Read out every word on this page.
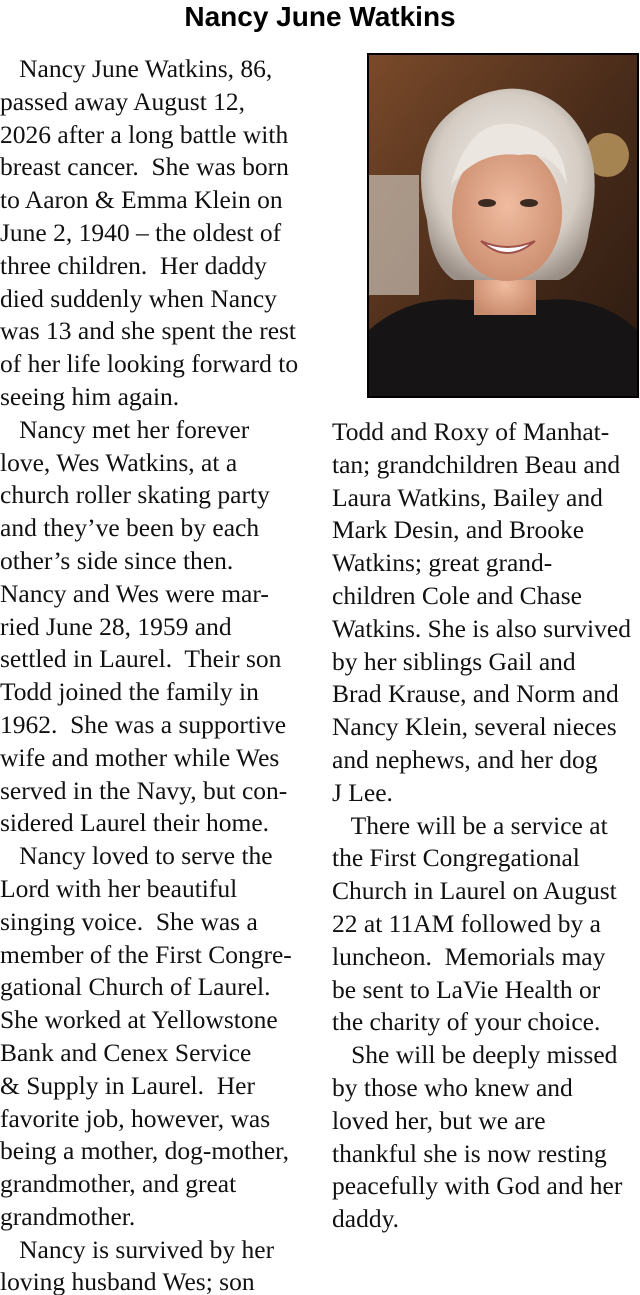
Nancy June Watkins
Nancy June Watkins, 86,
passed away August 12,
2026 after a long battle with
breast cancer.  She was born
to Aaron & Emma Klein on
June 2, 1940 – the oldest of
three children.  Her daddy
died suddenly when Nancy
was 13 and she spent the rest
of her life looking forward to
seeing him again.
Nancy met her forever
love, Wes Watkins, at a
church roller skating party
and they’ve been by each
other’s side since then.
Nancy and Wes were mar-
ried June 28, 1959 and
settled in Laurel.  Their son
Todd joined the family in
1962.  She was a supportive
wife and mother while Wes
served in the Navy, but con-
sidered Laurel their home.
Nancy loved to serve the
Lord with her beautiful
singing voice.  She was a
member of the First Congre-
gational Church of Laurel.
She worked at Yellowstone
Bank and Cenex Service
& Supply in Laurel.  Her
favorite job, however, was
being a mother, dog-mother,
grandmother, and great
grandmother.
Nancy is survived by her
loving husband Wes; son
Todd and Roxy of Manhat-
tan; grandchildren Beau and
Laura Watkins, Bailey and
Mark Desin, and Brooke
Watkins; great grand-
children Cole and Chase
Watkins. She is also survived
by her siblings Gail and
Brad Krause, and Norm and
Nancy Klein, several nieces
and nephews, and her dog
J Lee.
There will be a service at
the First Congregational
Church in Laurel on August
22 at 11AM followed by a
luncheon.  Memorials may
be sent to LaVie Health or
the charity of your choice.
She will be deeply missed
by those who knew and
loved her, but we are
thankful she is now resting
peacefully with God and her
daddy.
